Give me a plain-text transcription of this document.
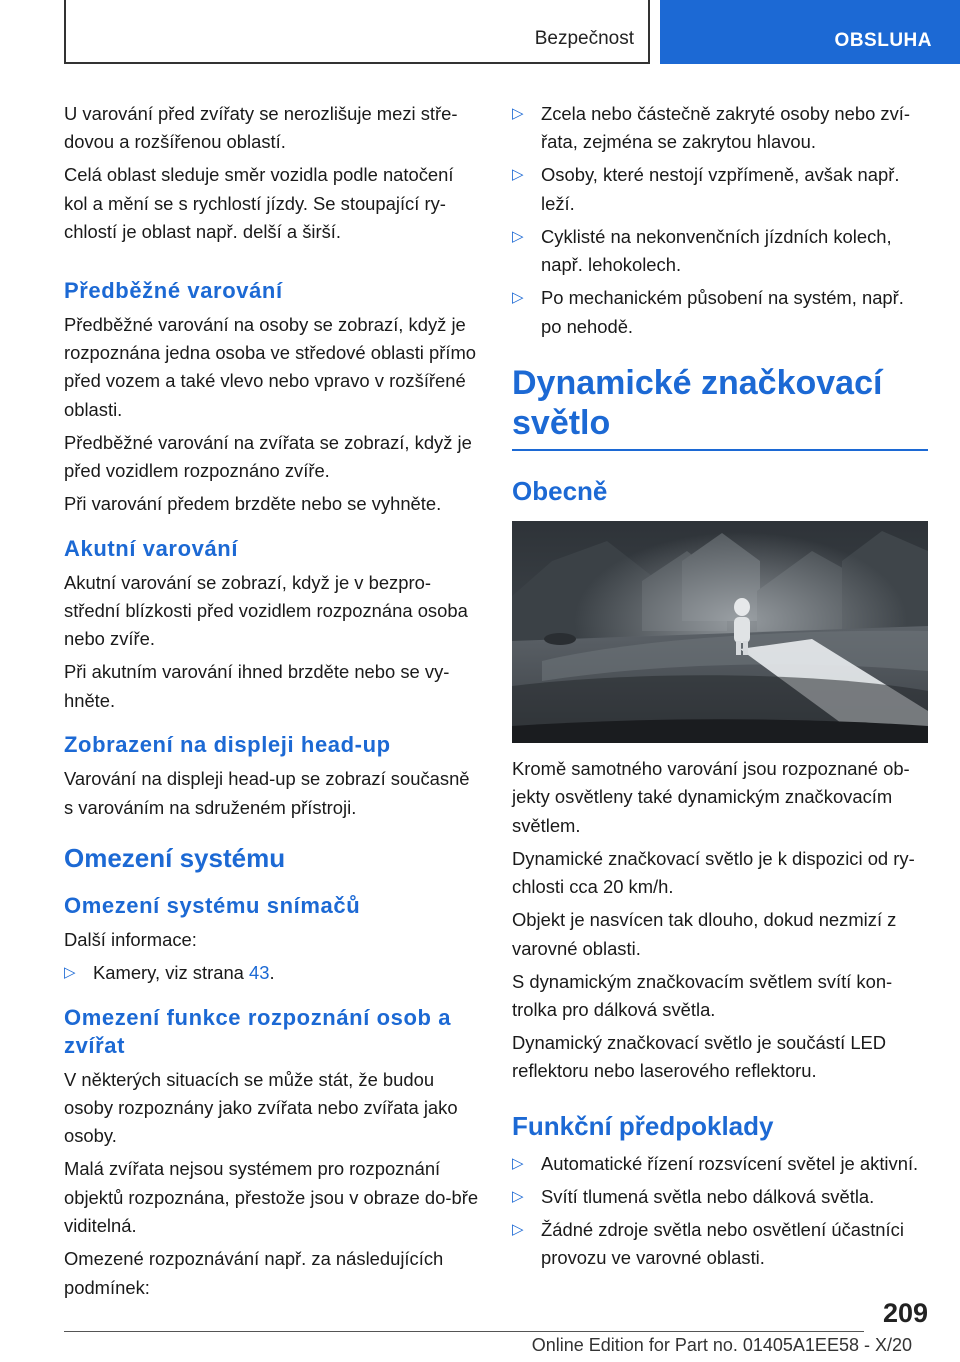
Bezpečnost	OBSLUHA

U varování před zvířaty se nerozlišuje mezi stře-dovou a rozšířenou oblastí.

Celá oblast sleduje směr vozidla podle natočení kol a mění se s rychlostí jízdy. Se stoupající ry-chlostí je oblast např. delší a širší.

Předběžné varování

Předběžné varování na osoby se zobrazí, když je rozpoznána jedna osoba ve středové oblasti přímo před vozem a také vlevo nebo vpravo v rozšířené oblasti.

Předběžné varování na zvířata se zobrazí, když je před vozidlem rozpoznáno zvíře.

Při varování předem brzděte nebo se vyhněte.

Akutní varování

Akutní varování se zobrazí, když je v bezpro-střední blízkosti před vozidlem rozpoznána osoba nebo zvíře.

Při akutním varování ihned brzděte nebo se vy-hněte.

Zobrazení na displeji head-up

Varování na displeji head-up se zobrazí současně s varováním na sdruženém přístroji.

Omezení systému
Omezení systému snímačů

Další informace:

▷ Kamery, viz strana 43.
Omezení funkce rozpoznání osob a zvířat

V některých situacích se může stát, že budou osoby rozpoznány jako zvířata nebo zvířata jako osoby.

Malá zvířata nejsou systémem pro rozpoznání objektů rozpoznána, přestože jsou v obraze do-bře viditelná.

Omezené rozpoznávání např. za následujících podmínek:

▷ Zcela nebo částečně zakryté osoby nebo zví-řata, zejména se zakrytou hlavou.
▷ Osoby, které nestojí vzpřímeně, avšak např. leží.
▷ Cyklisté na nekonvenčních jízdních kolech, např. lehokolech.
▷ Po mechanickém působení na systém, např. po nehodě.
Dynamické značkovací světlo
Obecně

Kromě samotného varování jsou rozpoznané ob-jekty osvětleny také dynamickým značkovacím světlem.

Dynamické značkovací světlo je k dispozici od ry-chlosti cca 20 km/h.

Objekt je nasvícen tak dlouho, dokud nezmizí z varovné oblasti.

S dynamickým značkovacím světlem svítí kon-trolka pro dálková světla.

Dynamický značkovací světlo je součástí LED reflektoru nebo laserového reflektoru.

Funkční předpoklady
▷ Automatické řízení rozsvícení světel je aktivní.
▷ Svítí tlumená světla nebo dálková světla.
▷ Žádné zdroje světla nebo osvětlení účastníci provozu ve varovné oblasti.
209
Online Edition for Part no. 01405A1EE58 - X/20
